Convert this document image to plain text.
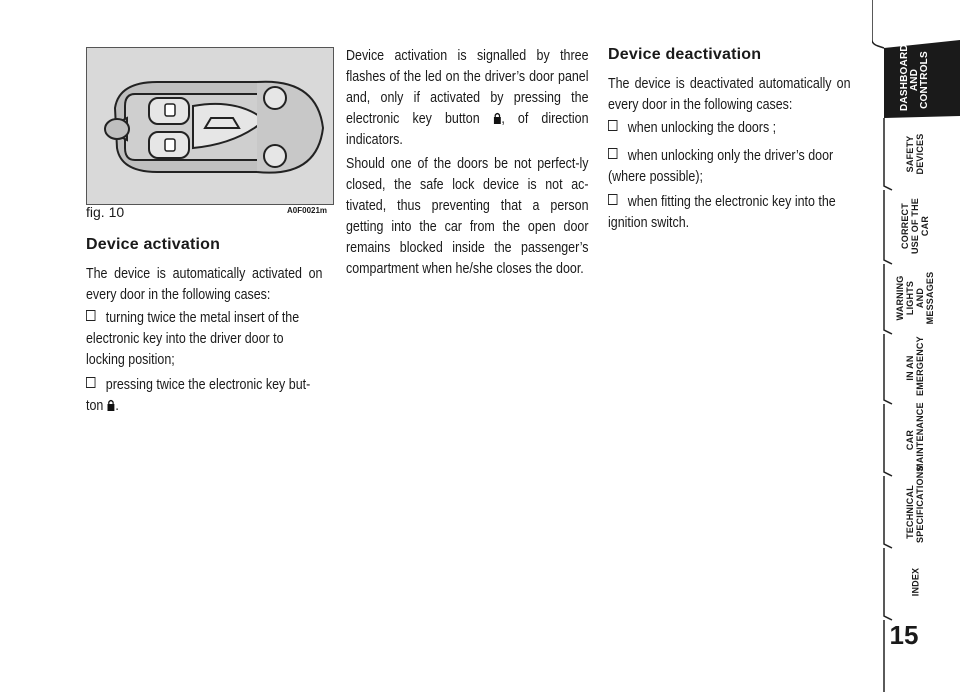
fig. 10	A0F0021m
Device activation
The device is automatically activated on every door in the following cases:
turning twice the metal insert of the electronic key into the driver door to locking position;
pressing twice the electronic key but-ton .
Device activation is signalled by three flashes of the led on the driver’s door panel and, only if activated by pressing the electronic key button , of direction indicators.
Should one of the doors be not perfect-ly closed, the safe lock device is not ac-tivated, thus preventing that a person getting into the car from the open door remains blocked inside the passenger’s compartment when he/she closes the door.
Device deactivation
The device is deactivated automatically on every door in the following cases:
when unlocking the doors ;
when unlocking only the driver’s door (where possible);
when fitting the electronic key into the ignition switch.
DASHBOARD AND CONTROLS
SAFETY DEVICES
CORRECT USE OF THE CAR
WARNING LIGHTS AND MESSAGES
IN AN EMERGENCY
CAR MAINTENANCE
TECHNICAL SPECIFICATIONS
INDEX
15
